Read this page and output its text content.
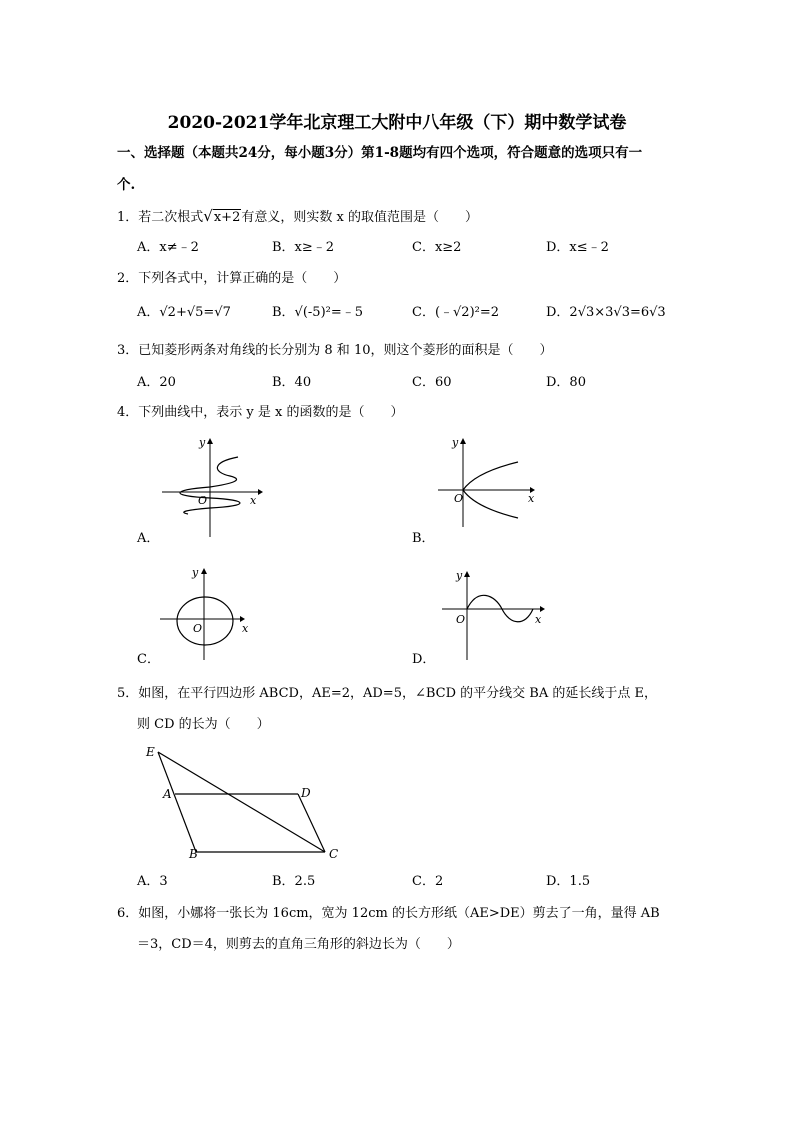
2020-2021学年北京理工大附中八年级（下）期中数学试卷
一、选择题（本题共24分，每小题3分）第1-8题均有四个选项，符合题意的选项只有一
个.
1．若二次根式√x+2有意义，则实数 x 的取值范围是（　　）
A．x≠﹣2	B．x≥﹣2	C．x≥2	D．x≤﹣2
2．下列各式中，计算正确的是（　　）
A．√2+√5=√7	B．√(-5)²=﹣5	C．(﹣√2)²=2	D．2√3×3√3=6√3
3．已知菱形两条对角线的长分别为 8 和 10，则这个菱形的面积是（　　）
A．20	B．40	C．60	D．80
4．下列曲线中，表示 y 是 x 的函数的是（　　）
O	x
y
A．
O	x
y
B．
O	x
y
C．
O	x
y
D．
5．如图，在平行四边形 ABCD，AE=2，AD=5，∠BCD 的平分线交 BA 的延长线于点 E，
则 CD 的长为（　　）
E
A	D
B	C
A．3	B．2.5	C．2	D．1.5
6．如图，小娜将一张长为 16cm，宽为 12cm 的长方形纸（AE>DE）剪去了一角，量得 AB
＝3，CD＝4，则剪去的直角三角形的斜边长为（　　）
